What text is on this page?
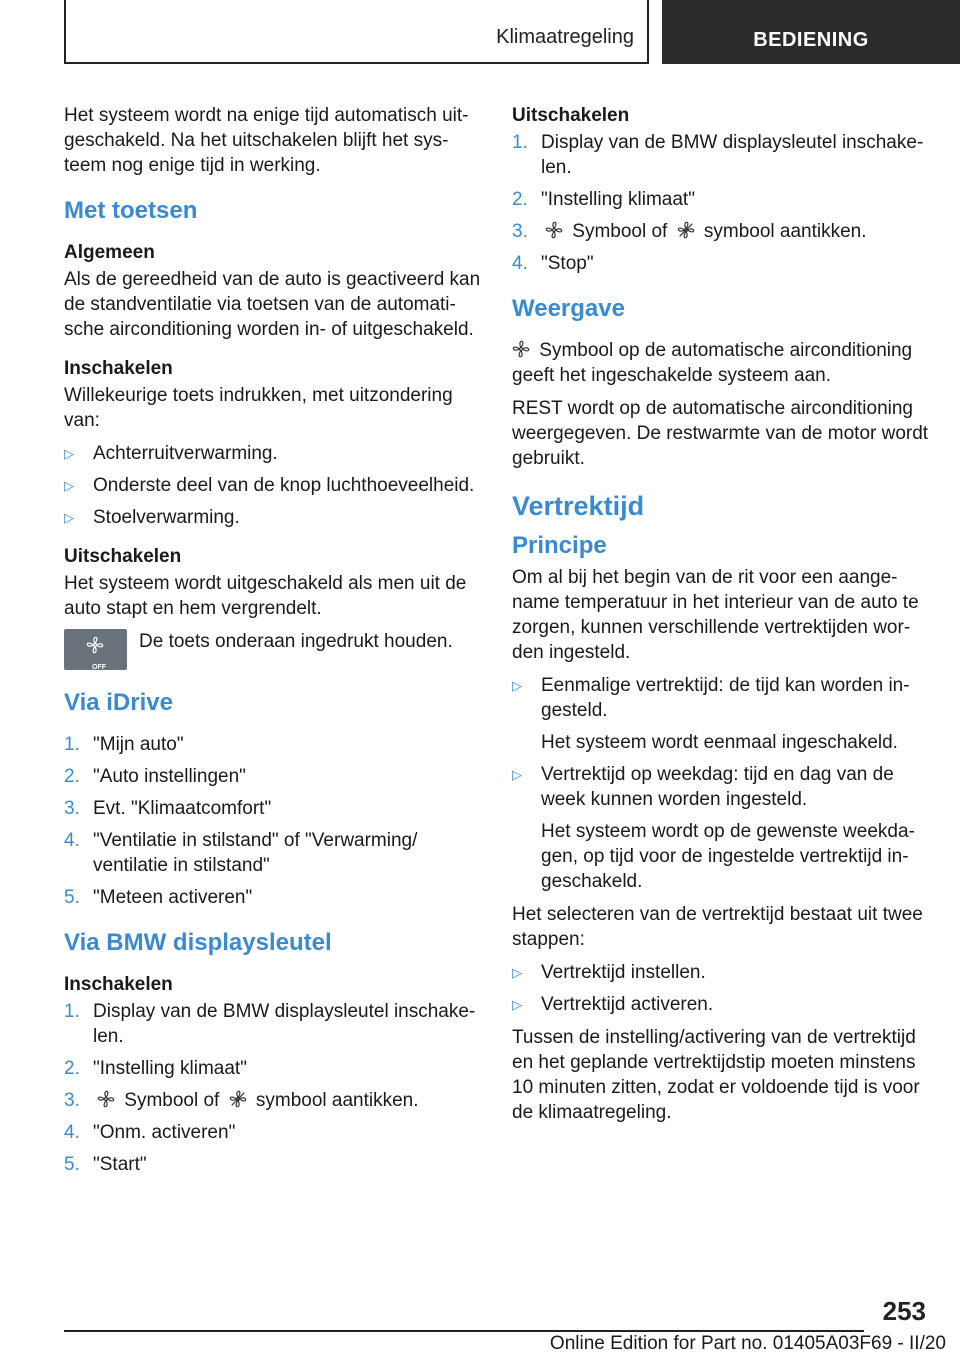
Klimaatregeling	BEDIENING

Het systeem wordt na enige tijd automatisch uit-geschakeld. Na het uitschakelen blijft het sys-teem nog enige tijd in werking.

Met toetsen
Algemeen

Als de gereedheid van de auto is geactiveerd kan de standventilatie via toetsen van de automati-sche airconditioning worden in- of uitgeschakeld.

Inschakelen

Willekeurige toets indrukken, met uitzondering van:

▷ Achterruitverwarming.
▷ Onderste deel van de knop luchthoeveelheid.
▷ Stoelverwarming.
Uitschakelen

Het systeem wordt uitgeschakeld als men uit de auto stapt en hem vergrendelt.

OFF
De toets onderaan ingedrukt houden.
Via iDrive
1. "Mijn auto"
2. "Auto instellingen"
3. Evt. "Klimaatcomfort"
4. "Ventilatie in stilstand" of "Verwarming/ ventilatie in stilstand"
5. "Meteen activeren"
Via BMW displaysleutel
Inschakelen
1. Display van de BMW displaysleutel inschake-len.
2. "Instelling klimaat"
3. Symbool of symbool aantikken.
4. "Onm. activeren"
5. "Start"
Uitschakelen
1. Display van de BMW displaysleutel inschake-len.
2. "Instelling klimaat"
3. Symbool of symbool aantikken.
4. "Stop"
Weergave

Symbool op de automatische airconditioning geeft het ingeschakelde systeem aan.

REST wordt op de automatische airconditioning weergegeven. De restwarmte van de motor wordt gebruikt.

Vertrektijd
Principe

Om al bij het begin van de rit voor een aange-name temperatuur in het interieur van de auto te zorgen, kunnen verschillende vertrektijden wor-den ingesteld.

▷ Eenmalige vertrektijd: de tijd kan worden in-gesteld.
Het systeem wordt eenmaal ingeschakeld.
▷ Vertrektijd op weekdag: tijd en dag van de week kunnen worden ingesteld.
Het systeem wordt op de gewenste weekda-gen, op tijd voor de ingestelde vertrektijd in-geschakeld.

Het selecteren van de vertrektijd bestaat uit twee stappen:

▷ Vertrektijd instellen.
▷ Vertrektijd activeren.

Tussen de instelling/activering van de vertrektijd en het geplande vertrektijdstip moeten minstens 10 minuten zitten, zodat er voldoende tijd is voor de klimaatregeling.

253
Online Edition for Part no. 01405A03F69 - II/20
